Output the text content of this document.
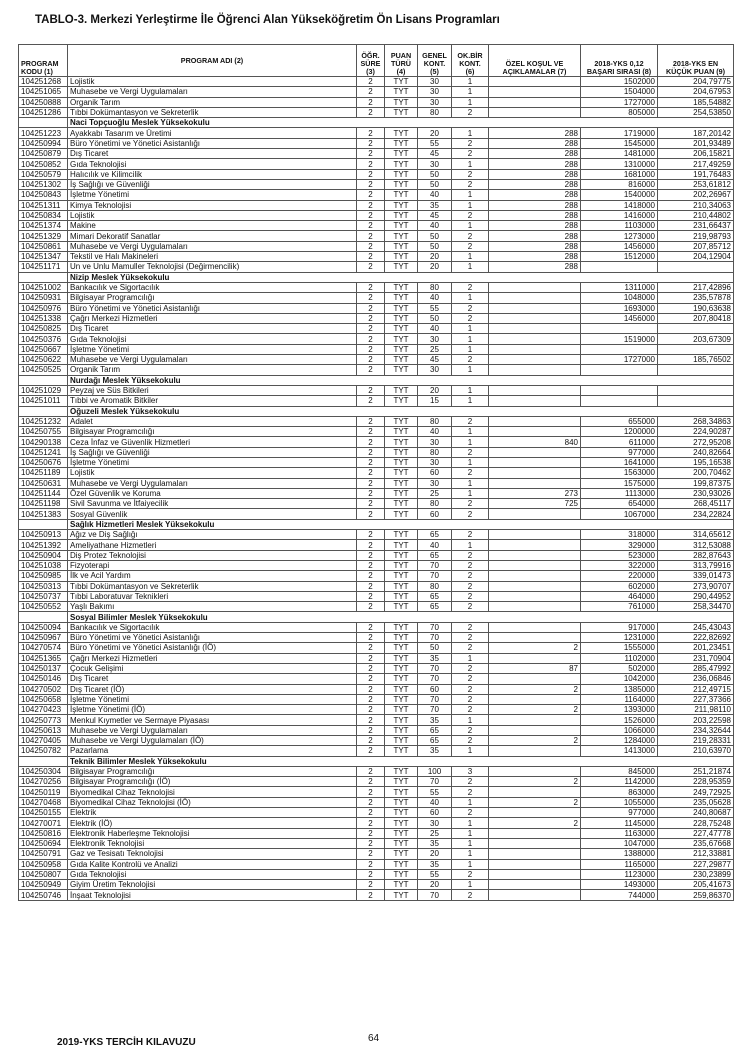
TABLO-3. Merkezi Yerleştirme İle Öğrenci Alan Yükseköğretim Ön Lisans Programları
PROGRAM KODU (1)	PROGRAM ADI (2)	ÖĞR. SÜRE (3)	PUAN TÜRÜ (4)	GENEL KONT. (5)	OK.BİR KONT. (6)	ÖZEL KOŞUL VE AÇIKLAMALAR (7)	2018-YKS 0,12 BAŞARI SIRASI (8)	2018-YKS EN KÜÇÜK PUAN (9)
104251268	Lojistik	2	TYT	30	1		1502000	204,79775
104251065	Muhasebe ve Vergi Uygulamaları	2	TYT	30	1		1504000	204,67953
104250888	Organik Tarım	2	TYT	30	1		1727000	185,54882
104251286	Tıbbi Dokümantasyon ve Sekreterlik	2	TYT	80	2		805000	254,53850
	Naci Topçuoğlu Meslek Yüksekokulu							
104251223	Ayakkabı Tasarım ve Üretimi	2	TYT	20	1	288	1719000	187,20142
104250994	Büro Yönetimi ve Yönetici Asistanlığı	2	TYT	55	2	288	1545000	201,93489
104250879	Dış Ticaret	2	TYT	45	2	288	1481000	206,15821
104250852	Gıda Teknolojisi	2	TYT	30	1	288	1310000	217,49259
104250579	Halıcılık ve Kilimcilik	2	TYT	50	2	288	1681000	191,76483
104251302	İş Sağlığı ve Güvenliği	2	TYT	50	2	288	816000	253,61812
104250843	İşletme Yönetimi	2	TYT	40	1	288	1540000	202,26967
104251311	Kimya Teknolojisi	2	TYT	35	1	288	1418000	210,34063
104250834	Lojistik	2	TYT	45	2	288	1416000	210,44802
104251374	Makine	2	TYT	40	1	288	1103000	231,66437
104251329	Mimari Dekoratif Sanatlar	2	TYT	50	2	288	1273000	219,98793
104250861	Muhasebe ve Vergi Uygulamaları	2	TYT	50	2	288	1456000	207,85712
104251347	Tekstil ve Halı Makineleri	2	TYT	20	1	288	1512000	204,12904
104251171	Un ve Unlu Mamuller Teknolojisi (Değirmencilik)	2	TYT	20	1	288		
	Nizip Meslek Yüksekokulu							
104251002	Bankacılık ve Sigortacılık	2	TYT	80	2		1311000	217,42896
104250931	Bilgisayar Programcılığı	2	TYT	40	1		1048000	235,57878
104250976	Büro Yönetimi ve Yönetici Asistanlığı	2	TYT	55	2		1693000	190,63638
104251338	Çağrı Merkezi Hizmetleri	2	TYT	50	2		1456000	207,80418
104250825	Dış Ticaret	2	TYT	40	1			
104250376	Gıda Teknolojisi	2	TYT	30	1		1519000	203,67309
104250667	İşletme Yönetimi	2	TYT	25	1			
104250622	Muhasebe ve Vergi Uygulamaları	2	TYT	45	2		1727000	185,76502
104250525	Organik Tarım	2	TYT	30	1			
	Nurdağı Meslek Yüksekokulu							
104251029	Peyzaj ve Süs Bitkileri	2	TYT	20	1			
104251011	Tıbbi ve Aromatik Bitkiler	2	TYT	15	1			
	Oğuzeli Meslek Yüksekokulu							
104251232	Adalet	2	TYT	80	2		655000	268,34863
104250755	Bilgisayar Programcılığı	2	TYT	40	1		1200000	224,90287
104290138	Ceza İnfaz ve Güvenlik Hizmetleri	2	TYT	30	1	840	611000	272,95208
104251241	İş Sağlığı ve Güvenliği	2	TYT	80	2		977000	240,82664
104250676	İşletme Yönetimi	2	TYT	30	1		1641000	195,16538
104251189	Lojistik	2	TYT	60	2		1563000	200,70462
104250631	Muhasebe ve Vergi Uygulamaları	2	TYT	30	1		1575000	199,87375
104251144	Özel Güvenlik ve Koruma	2	TYT	25	1	273	1113000	230,93026
104251198	Sivil Savunma ve İtfaiyecilik	2	TYT	80	2	725	654000	268,45117
104251383	Sosyal Güvenlik	2	TYT	60	2		1067000	234,22824
	Sağlık Hizmetleri Meslek Yüksekokulu							
104250913	Ağız ve Diş Sağlığı	2	TYT	65	2		318000	314,65612
104251392	Ameliyathane Hizmetleri	2	TYT	40	1		329000	312,53088
104250904	Diş Protez Teknolojisi	2	TYT	65	2		523000	282,87643
104251038	Fizyoterapi	2	TYT	70	2		322000	313,79916
104250985	İlk ve Acil Yardım	2	TYT	70	2		220000	339,01473
104250313	Tıbbi Dokümantasyon ve Sekreterlik	2	TYT	80	2		602000	273,90707
104250737	Tıbbi Laboratuvar Teknikleri	2	TYT	65	2		464000	290,44952
104250552	Yaşlı Bakımı	2	TYT	65	2		761000	258,34470
	Sosyal Bilimler Meslek Yüksekokulu							
104250094	Bankacılık ve Sigortacılık	2	TYT	70	2		917000	245,43043
104250967	Büro Yönetimi ve Yönetici Asistanlığı	2	TYT	70	2		1231000	222,82692
104270574	Büro Yönetimi ve Yönetici Asistanlığı (İÖ)	2	TYT	50	2	2	1555000	201,23451
104251365	Çağrı Merkezi Hizmetleri	2	TYT	35	1		1102000	231,70904
104250137	Çocuk Gelişimi	2	TYT	70	2	87	502000	285,47992
104250146	Dış Ticaret	2	TYT	70	2		1042000	236,06846
104270502	Dış Ticaret (İÖ)	2	TYT	60	2	2	1385000	212,49715
104250658	İşletme Yönetimi	2	TYT	70	2		1164000	227,37366
104270423	İşletme Yönetimi (İÖ)	2	TYT	70	2	2	1393000	211,98110
104250773	Menkul Kıymetler ve Sermaye Piyasası	2	TYT	35	1		1526000	203,22598
104250613	Muhasebe ve Vergi Uygulamaları	2	TYT	65	2		1066000	234,32644
104270405	Muhasebe ve Vergi Uygulamaları (İÖ)	2	TYT	65	2	2	1284000	219,28331
104250782	Pazarlama	2	TYT	35	1		1413000	210,63970
	Teknik Bilimler Meslek Yüksekokulu							
104250304	Bilgisayar Programcılığı	2	TYT	100	3		845000	251,21874
104270256	Bilgisayar Programcılığı (İÖ)	2	TYT	70	2	2	1142000	228,95359
104250119	Biyomedikal Cihaz Teknolojisi	2	TYT	55	2		863000	249,72925
104270468	Biyomedikal Cihaz Teknolojisi (İÖ)	2	TYT	40	1	2	1055000	235,05628
104250155	Elektrik	2	TYT	60	2		977000	240,80687
104270071	Elektrik (İÖ)	2	TYT	30	1	2	1145000	228,75248
104250816	Elektronik Haberleşme Teknolojisi	2	TYT	25	1		1163000	227,47778
104250694	Elektronik Teknolojisi	2	TYT	35	1		1047000	235,67668
104250791	Gaz ve Tesisatı Teknolojisi	2	TYT	20	1		1388000	212,33881
104250958	Gıda Kalite Kontrolü ve Analizi	2	TYT	35	1		1165000	227,29877
104250807	Gıda Teknolojisi	2	TYT	55	2		1123000	230,23899
104250949	Giyim Üretim Teknolojisi	2	TYT	20	1		1493000	205,41673
104250746	İnşaat Teknolojisi	2	TYT	70	2		744000	259,86370
2019-YKS TERCİH KILAVUZU	64
